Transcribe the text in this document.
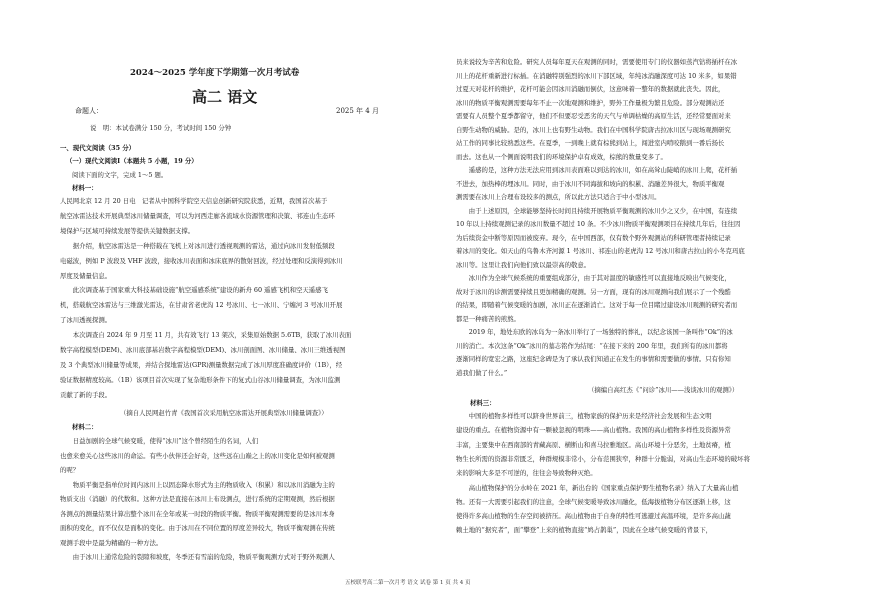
2024～2025 学年度下学期第一次月考试卷
高二 语文
命题人：	2025 年 4 月
说　明：本试卷满分 150 分，考试时间 150 分钟
一、现代文阅读（35 分）
（一）现代文阅读Ⅰ（本题共 5 小题，19 分）
阅读下面的文字，完成 1～5 题。
材料一：
人民网北京 12 月 20 日电　记者从中国科学院空天信息创新研究院获悉，近期，我国首次基于
航空冰雷达技术开展典型冰川储量调查，可以为河西走廊各流域水资源管理和决策、祁连山生态环
境保护与区域可持续发展等提供关键数据支撑。
　　据介绍，航空冰雷达是一种搭载在飞机上对冰川进行透视观测的雷达，通过向冰川发射低频段
电磁波，例如 P 波段及 VHF 波段，接收冰川表面和冰床底界的散射回波，经过处理和反演得到冰川
厚度及储量信息。
　　此次调查基于国家重大科技基础设施“航空遥感系统”建设的新舟 60 遥感飞机和空天遥感飞
机，搭载航空冰雷达与三维激光雷达，在甘肃省老虎沟 12 号冰川、七一冰川、宁缠河 3 号冰川开展
了冰川透视探测。
　　本次调查自 2024 年 9 月至 11 月，共有效飞行 13 架次，采集原始数据 5.6TB，获取了冰川表面
数字高程模型(DEM)、冰川底部基岩数字高程模型(DEM)、冰川剖面图、冰川储量、冰川三维透视图
及 3 个典型冰川储量等成果，并结合探地雷达(GPR)测量数据完成了冰川厚度准确度评价（1B），经
验证数据精度较高。（1B）该项目首次实现了复杂地形条件下的复式山谷冰川储量调查，为冰川监测
贡献了新的手段。
（摘自人民网赵竹青《我国首次采用航空冰雷达开展典型冰川储量调查》）
材料二：
　　日益加剧的全球气候变暖，使得“冰川”这个曾经陌生的名词，人们
也愈来愈关心这些冰川的命运。有些小伙伴还会好奇，这些远在山巅之上的冰川变化是如何被观测
的呢？
　　物质平衡是指单位时间内冰川上以固态降水形式为主的物质收入（积累）和以冰川消融为主的
物质支出（消融）的代数和。这种方法是直接在冰川上布设测点，进行系统的定期观测，然后根据
各测点的测量结果计算出整个冰川在全年或某一时段的物质平衡。物质平衡观测需要的是冰川本身
面积的变化，而不仅仅是面积的变化。由于冰川在不同位置的厚度差异较大，物质平衡观测在传统
观测手段中是最为精确的一种方法。
　　由于冰川上通常危险的裂隙和坡度，冬季还有雪崩的危险，物质平衡观测方式对于野外观测人
员来说较为辛苦和危险。研究人员每年夏天在观测的同时，需要使用专门的仪器如蒸汽钻将插杆在冰
川上的花杆重新进行标插。在消融特别强烈的冰川下部区域，年纯冰消融深度可达 10 米多，如果错
过夏天对花杆的维护，花杆可能会因冰川消融而倒伏，这意味着一整年的数据就此丧失。因此，
冰川的物质平衡观测需要每年不止一次地观测和维护，野外工作量极为繁且危险。部分观测站还
需要有人员整个夏季都留守，他们不但要忍受恶劣的天气与单调枯燥的高原生活，还经常要面对来
自野生动物的威胁。是的，冰川上也有野生动物。我们在中国科学院唐古拉冰川区与现场观测研究
站工作的同事比较熟悉这些。在夏季，一到晚上就有棕熊到站上，闯进室内啃咬鹅到一番后扬长
而去。这也从一个侧面说明我们的环境保护卓有成效，棕熊的数量变多了。
　　遥感的是，这种方法无法应用到冰川表面难以到达的冰川，如在高耸山陡峭的冰川上爬，花杆插
不进去，加热棒的埋冰川。同时，由于冰川不同海拔和坡向的积累、消融差异很大，物质平衡观
测需要在冰川上合理布设较多的测点，所以此方法只适合于中小型冰川。
　　由于上述原因，全球能够坚持长时间且持续开展物质平衡观测的冰川少之又少，在中国，有连续
10 年以上持续观测记录的冰川数量不超过 10 条。不少冰川物质平衡观测项目在持续几年后，往往因
为后续资金中断等原因而被废弃。现今，在中国西部，仅有数个野外观测站的科研管理者持续记录
着冰川的变化。如天山的乌鲁木齐河源 1 号冰川、祁连山的老虎沟 12 号冰川和唐古拉山的小冬克玛底
冰川等。这里让我们向他们致以最崇高的敬意。
　　冰川作为全球气候系统的重要组成部分，由于其对温度的敏感性可以直接地反映出气候变化，
故对于冰川的诊测需要持续且更加精确的观测。另一方面，现有的冰川观测向我们展示了一个残酷
的结果，即随着气候变暖的加剧，冰川正在逐渐消亡。这对于每一位目睹过建设冰川观测的研究者而
都是一种痛苦的煎熬。
　　2019 年，地处东欧的冰岛为一条冰川举行了一场独特的葬礼，以纪念该国一条叫作“Ok”的冰
川的消亡。本次这条“Ok”冰川的墓志铭作为结尾：“在接下来的 200 年里，我们所有的冰川都将
逐渐同样的宽宏之路，这座纪念碑是为了承认我们知道正在发生的事情和需要做的事情。只有你知
道我们做了什么。”
（摘编自高红杰《“问诊”冰川——浅谈冰川的观测》）
材料三：
　　中国的植物多样性可以跻身世界前三，植物家族的保护历来是经济社会发展和生态文明
建设的重点。在植物资源中有一颗被忽视的明珠——高山植物。我国的高山植物多样性及资源异常
丰富，主要集中在西南部的青藏高原、横断山和喜马拉雅地区。高山环境十分恶劣，土地贫瘠，植
物生长所需的资源非常匮乏，种群规模非常小，分布范围狭窄，种群十分脆弱，对高山生态环境的破坏将
来的影响大多是不可逆的，往往会导致物种灭绝。
　　高山植物保护的分水岭在 2021 年，新出台的《国家重点保护野生植物名录》纳入了大量高山植
物。还有一大需要引起我们的注意，全球气候变暖导致冰川融化，低海拔植物分布区逐渐上移，这
使得许多高山植物的生存空间被挤压。高山植物由于自身的特性可逃避过高温环境，是许多高山蔬
赖土地的“据究者”，面“攀登”上来的植物直接“鸠占鹊巢”，因此在全球气候变暖的背景下，
五校联考高二第一次月考 语文 试卷 第 1 页 共 4 页
